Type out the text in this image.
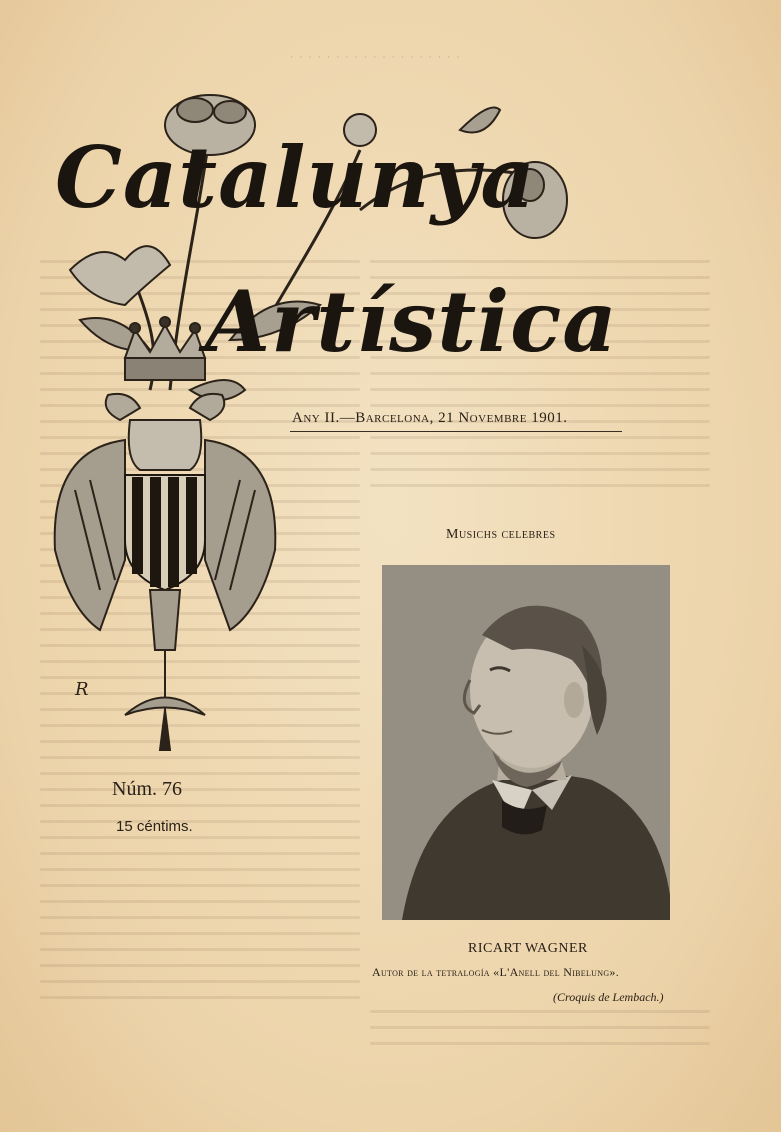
· · · · · · · · · · · · · · · · · · ·
R
Catalunya
Artística
Any II.—Barcelona, 21 Novembre 1901.
Núm. 76
15 céntims.
Musichs celebres
RICART WAGNER
Autor de la tetralogía «L'Anell del Nibelung».
(Croquis de Lembach.)
